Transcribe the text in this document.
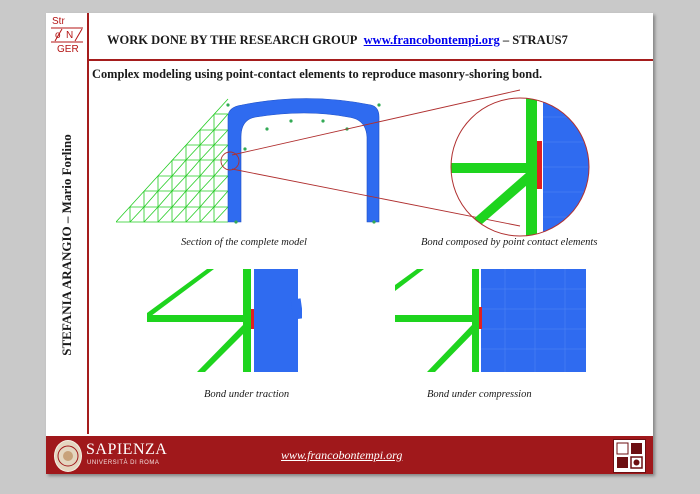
Str
o N
GER
WORK DONE BY THE RESEARCH GROUP www.francobontempi.org – STRAUS7
STEFANIA ARANGIO – Mario Forlino
Complex modeling using point-contact elements to reproduce masonry-shoring bond.
Section of the complete model	Bond composed by point contact elements
Bond under traction	Bond under compression
SAPIENZA
UNIVERSITÀ DI ROMA
www.francobontempi.org
